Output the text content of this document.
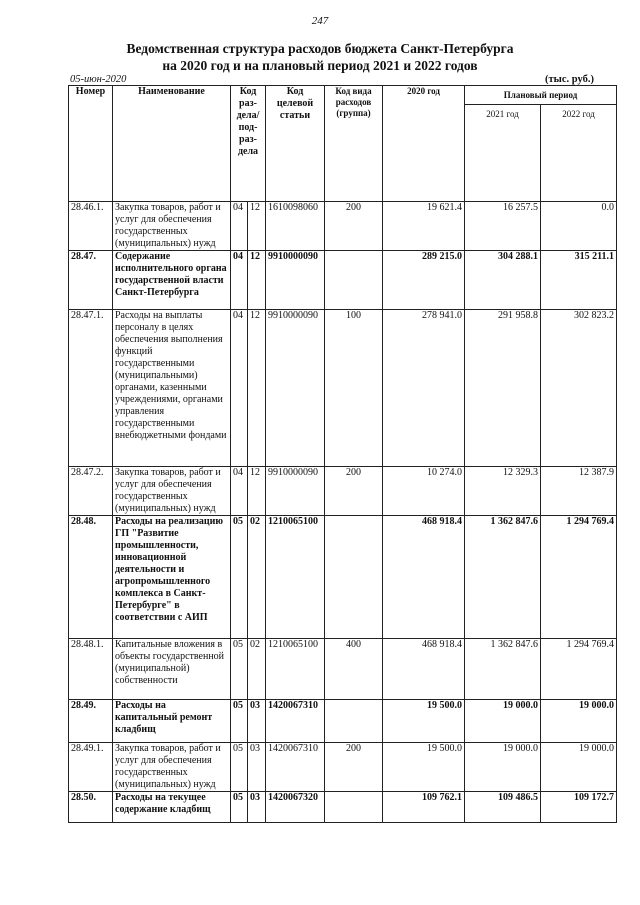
247
Ведомственная структура расходов бюджета Санкт-Петербурга
на 2020 год и на плановый период 2021 и 2022 годов
05-июн-2020	(тыс. руб.)
Номер	Наименование	Код раз- дела/ под- раз- дела		Код целевой статьи	Код вида расходов (группа)	2020 год	Плановый период	
							2021 год	2022 год
28.46.1.	Закупка товаров, работ и услуг для обеспечения государственных (муниципальных) нужд	04	12	1610098060	200	19 621.4	16 257.5	0.0
28.47.	Содержание исполнительного органа государственной власти Санкт-Петербурга	04	12	9910000090		289 215.0	304 288.1	315 211.1
28.47.1.	Расходы на выплаты персоналу в целях обеспечения выполнения функций государственными (муниципальными) органами, казенными учреждениями, органами управления государственными внебюджетными фондами	04	12	9910000090	100	278 941.0	291 958.8	302 823.2
28.47.2.	Закупка товаров, работ и услуг для обеспечения государственных (муниципальных) нужд	04	12	9910000090	200	10 274.0	12 329.3	12 387.9
28.48.	Расходы на реализацию ГП "Развитие промышленности, инновационной деятельности и агропромышленного комплекса в Санкт-Петербурге" в соответствии с АИП	05	02	1210065100		468 918.4	1 362 847.6	1 294 769.4
28.48.1.	Капитальные вложения в объекты государственной (муниципальной) собственности	05	02	1210065100	400	468 918.4	1 362 847.6	1 294 769.4
28.49.	Расходы на капитальный ремонт кладбищ	05	03	1420067310		19 500.0	19 000.0	19 000.0
28.49.1.	Закупка товаров, работ и услуг для обеспечения государственных (муниципальных) нужд	05	03	1420067310	200	19 500.0	19 000.0	19 000.0
28.50.	Расходы на текущее содержание кладбищ	05	03	1420067320		109 762.1	109 486.5	109 172.7
